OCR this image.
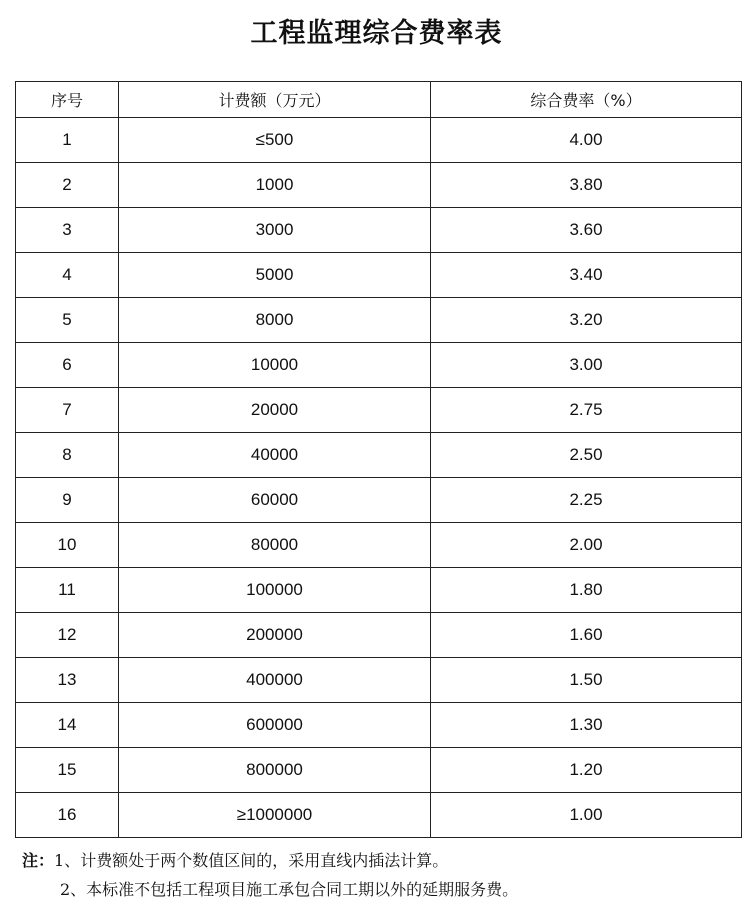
工程监理综合费率表
序号	计费额（万元）	综合费率（%）
1	≤500	4.00
2	1000	3.80
3	3000	3.60
4	5000	3.40
5	8000	3.20
6	10000	3.00
7	20000	2.75
8	40000	2.50
9	60000	2.25
10	80000	2.00
11	100000	1.80
12	200000	1.60
13	400000	1.50
14	600000	1.30
15	800000	1.20
16	≥1000000	1.00
注：1、计费额处于两个数值区间的，采用直线内插法计算。
2、本标准不包括工程项目施工承包合同工期以外的延期服务费。
